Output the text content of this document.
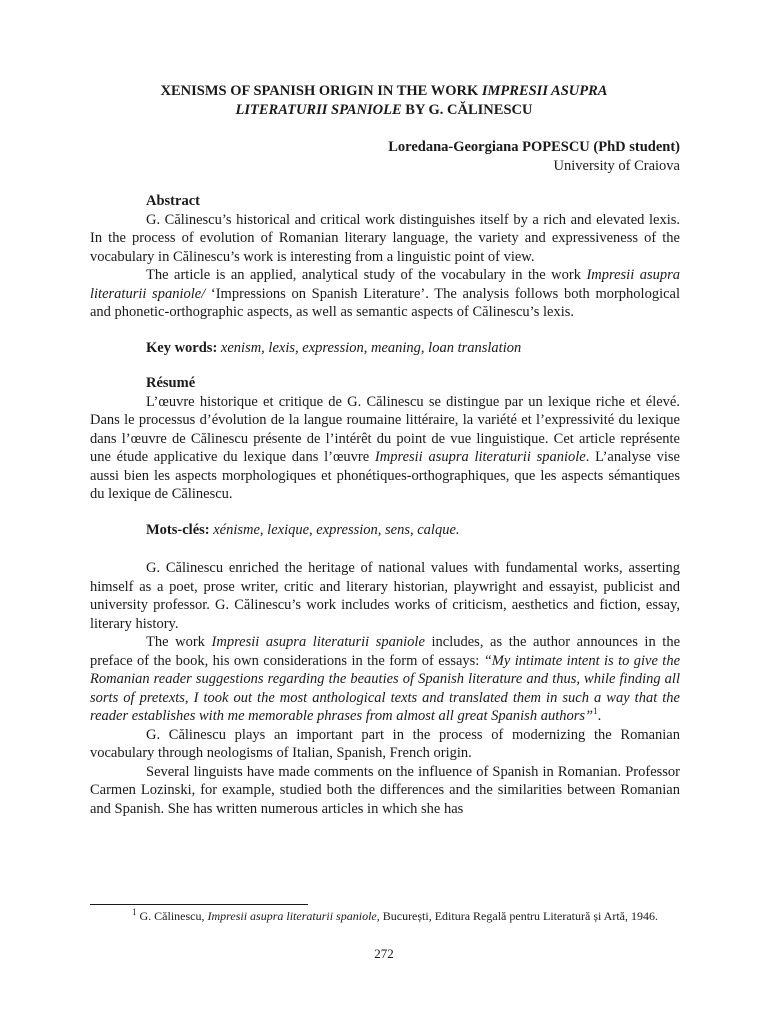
XENISMS OF SPANISH ORIGIN IN THE WORK IMPRESII ASUPRA
LITERATURII SPANIOLE BY G. CĂLINESCU
Loredana-Georgiana POPESCU (PhD student)
University of Craiova
Abstract

G. Călinescu’s historical and critical work distinguishes itself by a rich and elevated lexis. In the process of evolution of Romanian literary language, the variety and expressiveness of the vocabulary in Călinescu’s work is interesting from a linguistic point of view.

The article is an applied, analytical study of the vocabulary in the work Impresii asupra literaturii spaniole/ ‘Impressions on Spanish Literature’. The analysis follows both morphological and phonetic-orthographic aspects, as well as semantic aspects of Călinescu’s lexis.

Key words: xenism, lexis, expression, meaning, loan translation
Résumé

L’œuvre historique et critique de G. Călinescu se distingue par un lexique riche et élevé. Dans le processus d’évolution de la langue roumaine littéraire, la variété et l’expressivité du lexique dans l’œuvre de Călinescu présente de l’intérêt du point de vue linguistique. Cet article représente une étude applicative du lexique dans l’œuvre Impresii asupra literaturii spaniole. L’analyse vise aussi bien les aspects morphologiques et phonétiques-orthographiques, que les aspects sémantiques du lexique de Călinescu.

Mots-clés: xénisme, lexique, expression, sens, calque.

G. Călinescu enriched the heritage of national values with fundamental works, asserting himself as a poet, prose writer, critic and literary historian, playwright and essayist, publicist and university professor. G. Călinescu’s work includes works of criticism, aesthetics and fiction, essay, literary history.

The work Impresii asupra literaturii spaniole includes, as the author announces in the preface of the book, his own considerations in the form of essays: “My intimate intent is to give the Romanian reader suggestions regarding the beauties of Spanish literature and thus, while finding all sorts of pretexts, I took out the most anthological texts and translated them in such a way that the reader establishes with me memorable phrases from almost all great Spanish authors”$^1$.

G. Călinescu plays an important part in the process of modernizing the Romanian vocabulary through neologisms of Italian, Spanish, French origin.

Several linguists have made comments on the influence of Spanish in Romanian. Professor Carmen Lozinski, for example, studied both the differences and the similarities between Romanian and Spanish. She has written numerous articles in which she has

$^1$ G. Călinescu, Impresii asupra literaturii spaniole, București, Editura Regală pentru Literatură și Artă, 1946.
272
